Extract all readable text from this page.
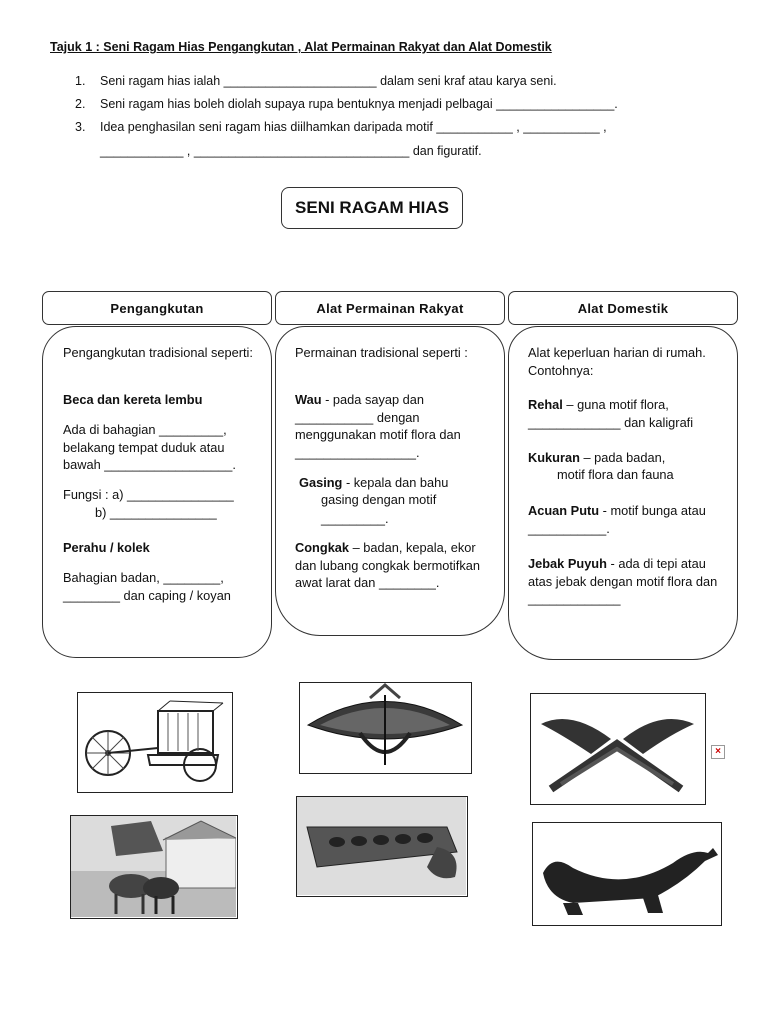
Tajuk 1 : Seni Ragam Hias Pengangkutan , Alat Permainan Rakyat dan Alat Domestik
1. Seni ragam hias ialah ______________________ dalam seni kraf atau karya seni.
2. Seni ragam hias boleh diolah supaya rupa bentuknya menjadi pelbagai _________________.
3. Idea penghasilan seni ragam hias diilhamkan daripada motif ___________ , ___________ ,
____________ , _______________________________ dan figuratif.
SENI RAGAM HIAS
Pengangkutan	Alat Permainan Rakyat	Alat Domestik

Pengangkutan tradisional seperti:

Beca dan kereta lembu

Ada di bahagian _________, belakang tempat duduk atau bawah __________________.

Fungsi : a) _______________

b) _______________

Perahu / kolek

Bahagian badan, ________, ________ dan caping / koyan

Permainan tradisional seperti :

Wau - pada sayap dan ___________ dengan menggunakan motif flora dan _________________.

Gasing - kepala dan bahu

gasing dengan motif

_________.

Congkak – badan, kepala, ekor dan lubang congkak bermotifkan awat larat dan ________.

Alat keperluan harian di rumah. Contohnya:

Rehal – guna motif flora, _____________ dan kaligrafi

Kukuran – pada badan,

motif flora dan fauna

Acuan Putu - motif bunga atau ___________.

Jebak Puyuh - ada di tepi atau atas jebak dengan motif flora dan _____________

×
